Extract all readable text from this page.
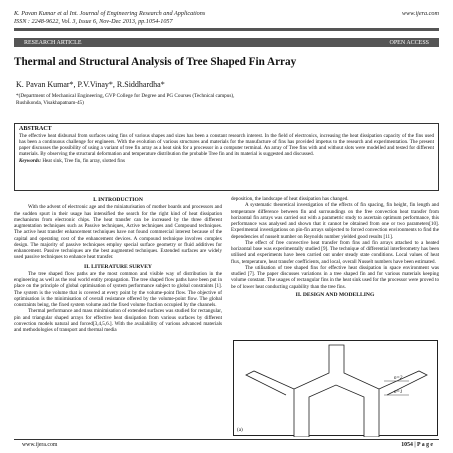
K. Pavan Kumar et al Int. Journal of Engineering Research and Applications	www.ijera.com
ISSN : 2248-9622, Vol. 3, Issue 6, Nov-Dec 2013, pp.1054-1057
RESEARCH ARTICLE	OPEN ACCESS
Thermal and Structural Analysis of Tree Shaped Fin Array
K. Pavan Kumar*, P.V.Vinay*, R.Siddhardha*
*(Department of Mechanical Engineering, GVP College for Degree and PG Courses (Technical campus),
Rushikonda, Visakhapatnam-45)
ABSTRACT
The effective heat disbursal from surfaces using fins of various shapes and sizes has been a constant research interest. In the field of electronics, increasing the heat dissipation capacity of the fins used has been a continuous challenge for engineers. With the evolution of various structures and materials for the manufacture of fins has provided impetus to the research and experimentation. The present paper discusses the possibility of using a variant of tree fin array as a heat sink for a processor in a computer terminal. An array of Tree fins with and without slots were modelled and tested for different materials. By observing the structural deformation and temperature distribution the probable Tree fin and its material is suggested and discussed.
Keywords: Heat sink, Tree fin, fin array, slotted fins
I. INTRODUCTION

With the advent of electronic age and the miniaturisation of mother boards and processors and the sudden spurt in their usage has intensified the search for the right kind of heat dissipation mechanisms from electronic chips. The heat transfer can be increased by the three different augmentation techniques such as Passive techniques, Active techniques and Compound techniques. The active heat transfer enhancement techniques have not found commercial interest because of the capital and operating cost of the enhancement devices. A compound technique involves complex design. The majority of passive techniques employ special surface geometry or fluid additives for enhancement. Passive techniques are the best augmented techniques. Extended surfaces are widely used passive techniques to enhance heat transfer.

II. LITERATURE SURVEY

The tree shaped flow paths are the most common and visible way of distribution in the engineering as well as the real world entity propagation. The tree shaped flow paths have been put in place on the principle of global optimisation of system performance subject to global constraints [1]. The system is the volume that is covered at every point by the volume-point flow. The objective of optimisation is the minimisation of overall resistance offered by the volume-point flow. The global constraints being, the fixed system volume and the fixed volume fraction occupied by the channels.

Thermal performance and mass minimisation of extended surfaces was studied for rectangular, pin and triangular shaped arrays for effective heat dissipation from various surfaces by different convection models natural and forced[3,4,5,6.]. With the availability of various advanced materials and methodologies of transport and thermal media

deposition, the landscape of heat dissipation has changed.

A systematic theoretical investigation of the effects of fin spacing, fin height, fin length and temperature difference between fin and surroundings on the free convection heat transfer from horizontal fin arrays was carried out with a parametric study to ascertain optimum performance, this performance was analysed and shown that it cannot be obtained from one or two parameters[10]. Experimental investigations on pin-fin arrays subjected to forced convection environments to find the dependencies of nusselt number on Reynolds number yielded good results [11].

The effect of free convective heat transfer from fins and fin arrays attached to a heated horizontal base was experimentally studied [9]. The technique of differential interferometry has been utilised and experiments have been carried out under steady state conditions. Local values of heat flux, temperature, heat transfer coefficients, and local, overall Nusselt numbers have been estimated.

The utilisation of tree shaped fins for effective heat dissipation in space environment was studied [7]. The paper discusses variations in a tree shaped fin and for various materials keeping volume constant. The usages of rectangular fins in the heat sink used for the processor were proved to be of lower heat conducting capability than the tree fins.

II. DESIGN AND MODELLING
n=2
n=1
(a)
www.ijera.com	1054 | P a g e
